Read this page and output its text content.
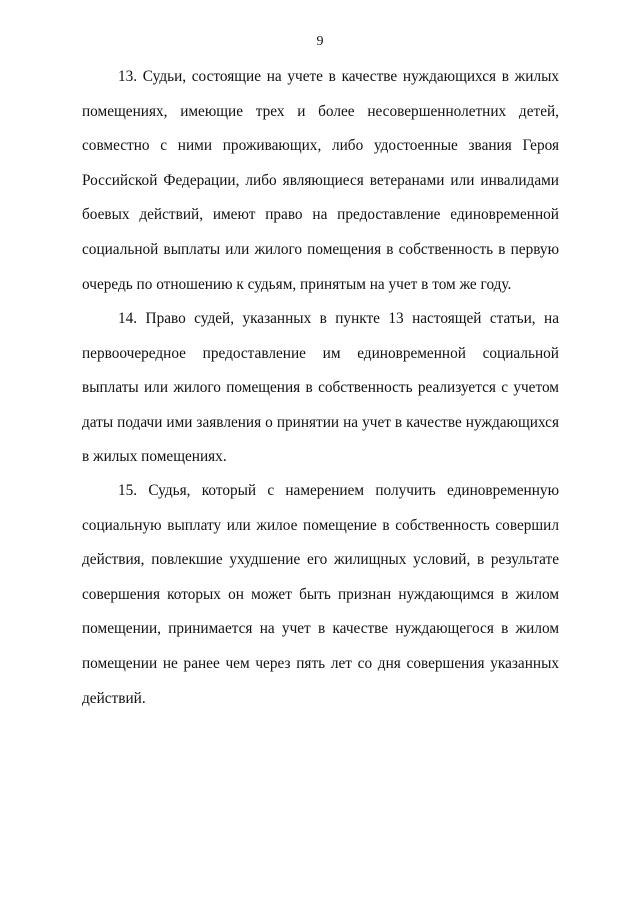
9

13. Судьи, состоящие на учете в качестве нуждающихся в жилых помещениях, имеющие трех и более несовершеннолетних детей, совместно с ними проживающих, либо удостоенные звания Героя Российской Федерации, либо являющиеся ветеранами или инвалидами боевых действий, имеют право на предоставление единовременной социальной выплаты или жилого помещения в собственность в первую очередь по отношению к судьям, принятым на учет в том же году.

14. Право судей, указанных в пункте 13 настоящей статьи, на первоочередное предоставление им единовременной социальной выплаты или жилого помещения в собственность реализуется с учетом даты подачи ими заявления о принятии на учет в качестве нуждающихся в жилых помещениях.

15. Судья, который с намерением получить единовременную социальную выплату или жилое помещение в собственность совершил действия, повлекшие ухудшение его жилищных условий, в результате совершения которых он может быть признан нуждающимся в жилом помещении, принимается на учет в качестве нуждающегося в жилом помещении не ранее чем через пять лет со дня совершения указанных действий.
